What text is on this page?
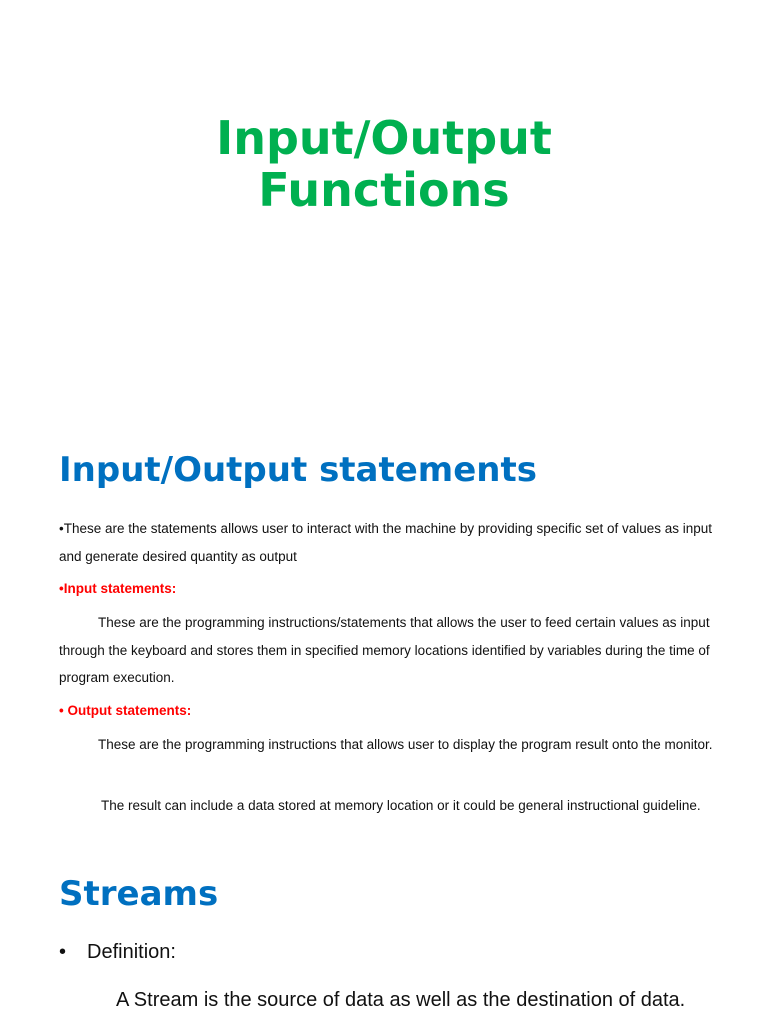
Input/Output
Functions
Input/Output statements

•These are the statements allows user to interact with the machine by providing specific set of values as input and generate desired quantity as output

•Input statements:

These are the programming instructions/statements that allows the user to feed certain values as input through the keyboard and stores them in specified memory locations identified by variables during the time of program execution.

• Output statements:

These are the programming instructions that allows user to display the program result onto the monitor.

The result can include a data stored at memory location or it could be general instructional guideline.

Streams
• Definition:
A Stream is the source of data as well as the destination of data.
